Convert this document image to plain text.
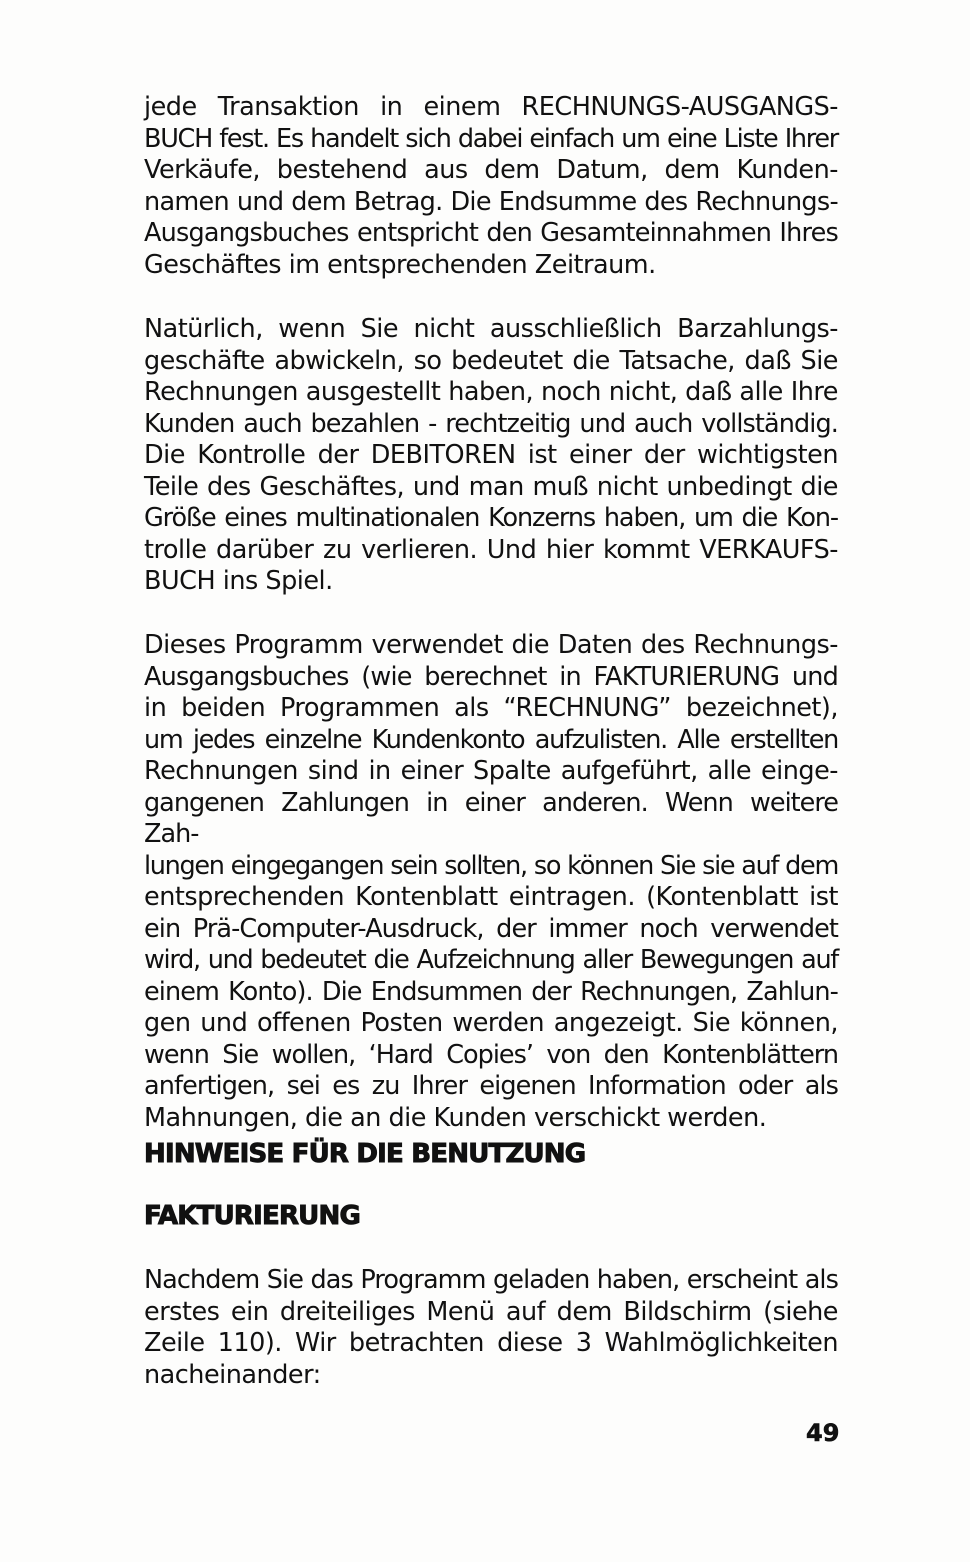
jede Transaktion in einem RECHNUNGS-AUSGANGS-

BUCH fest. Es handelt sich dabei einfach um eine Liste Ihrer

Verkäufe, bestehend aus dem Datum, dem Kunden-

namen und dem Betrag. Die Endsumme des Rechnungs-

Ausgangsbuches entspricht den Gesamteinnahmen Ihres

Geschäftes im entsprechenden Zeitraum.

Natürlich, wenn Sie nicht ausschließlich Barzahlungs-

geschäfte abwickeln, so bedeutet die Tatsache, daß Sie

Rechnungen ausgestellt haben, noch nicht, daß alle Ihre

Kunden auch bezahlen - rechtzeitig und auch vollständig.

Die Kontrolle der DEBITOREN ist einer der wichtigsten

Teile des Geschäftes, und man muß nicht unbedingt die

Größe eines multinationalen Konzerns haben, um die Kon-

trolle darüber zu verlieren. Und hier kommt VERKAUFS-

BUCH ins Spiel.

Dieses Programm verwendet die Daten des Rechnungs-

Ausgangsbuches (wie berechnet in FAKTURIERUNG und

in beiden Programmen als “RECHNUNG” bezeichnet),

um jedes einzelne Kundenkonto aufzulisten. Alle erstellten

Rechnungen sind in einer Spalte aufgeführt, alle einge-

gangenen Zahlungen in einer anderen. Wenn weitere Zah-

lungen eingegangen sein sollten, so können Sie sie auf dem

entsprechenden Kontenblatt eintragen. (Kontenblatt ist

ein Prä-Computer-Ausdruck, der immer noch verwendet

wird, und bedeutet die Aufzeichnung aller Bewegungen auf

einem Konto). Die Endsummen der Rechnungen, Zahlun-

gen und offenen Posten werden angezeigt. Sie können,

wenn Sie wollen, ‘Hard Copies’ von den Kontenblättern

anfertigen, sei es zu Ihrer eigenen Information oder als

Mahnungen, die an die Kunden verschickt werden.

HINWEISE FÜR DIE BENUTZUNG
FAKTURIERUNG

Nachdem Sie das Programm geladen haben, erscheint als

erstes ein dreiteiliges Menü auf dem Bildschirm (siehe

Zeile 110). Wir betrachten diese 3 Wahlmöglichkeiten

nacheinander:

49
